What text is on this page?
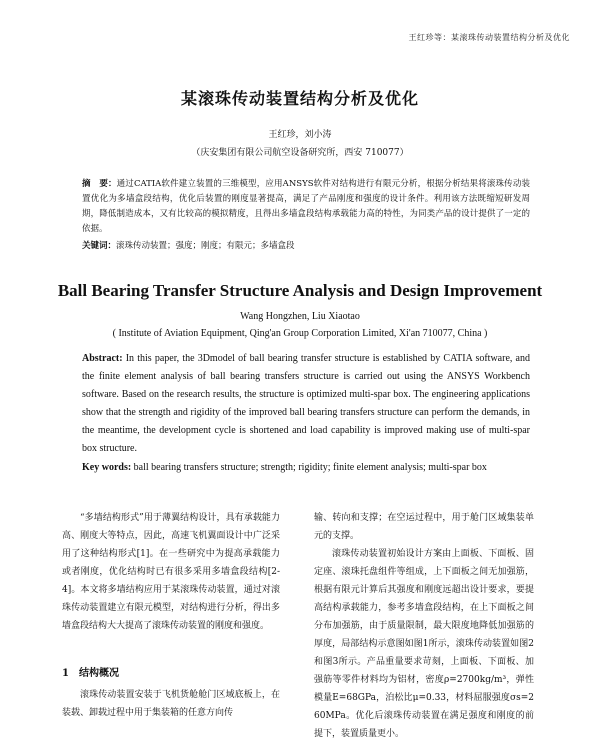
王红珍等：某滚珠传动装置结构分析及优化
某滚珠传动装置结构分析及优化
王红珍，刘小涛
（庆安集团有限公司航空设备研究所，西安 710077）
摘　要：通过CATIA软件建立装置的三维模型，应用ANSYS软件对结构进行有限元分析，根据分析结果将滚珠传动装置优化为多墙盒段结构，优化后装置的刚度显著提高，满足了产品刚度和强度的设计条件。利用该方法既缩短研发周期，降低制造成本，又有比较高的模拟精度，且得出多墙盒段结构承载能力高的特性，为同类产品的设计提供了一定的依据。
关键词：滚珠传动装置；强度；刚度；有限元；多墙盒段
Ball Bearing Transfer Structure Analysis and Design Improvement
Wang Hongzhen, Liu Xiaotao
( Institute of Aviation Equipment, Qing'an Group Corporation Limited, Xi'an 710077, China )
Abstract: In this paper, the 3Dmodel of ball bearing transfer structure is established by CATIA software, and the finite element analysis of ball bearing transfers structure is carried out using the ANSYS Workbench software. Based on the research results, the structure is optimized multi-spar box. The engineering applications show that the strength and rigidity of the improved ball bearing transfers structure can perform the demands, in the meantime, the development cycle is shortened and load capability is improved making use of multi-spar box structure.
Key words: ball bearing transfers structure; strength; rigidity; finite element analysis; multi-spar box

“多墙结构形式”用于薄翼结构设计，具有承载能力高、刚度大等特点，因此，高速飞机翼面设计中广泛采用了这种结构形式[1]。在一些研究中为提高承载能力或者刚度，优化结构时已有很多采用多墙盒段结构[2-4]。本文将多墙结构应用于某滚珠传动装置，通过对滚珠传动装置建立有限元模型，对结构进行分析，得出多墙盒段结构大大提高了滚珠传动装置的刚度和强度。

1 结构概况
滚珠传动装置安装于飞机货舱舱门区域底板上，在装载、卸载过程中用于集装箱的任意方向传

输、转向和支撑；在空运过程中，用于舱门区域集装单元的支撑。

滚珠传动装置初始设计方案由上面板、下面板、固定座、滚珠托盘组件等组成，上下面板之间无加强筋，根据有限元计算后其强度和刚度远超出设计要求，要提高结构承载能力，参考多墙盒段结构，在上下面板之间分布加强筋，由于质量限制，最大限度地降低加强筋的厚度，局部结构示意图如图1所示，滚珠传动装置如图2和图3所示。产品重量要求苛刻，上面板、下面板、加强筋等零件材料均为铝材，密度ρ=2700kg/m³，弹性模量E=68GPa，泊松比μ=0.33，材料屈服强度σs=260MPa。优化后滚珠传动装置在满足强度和刚度的前提下，装置质量更小。
